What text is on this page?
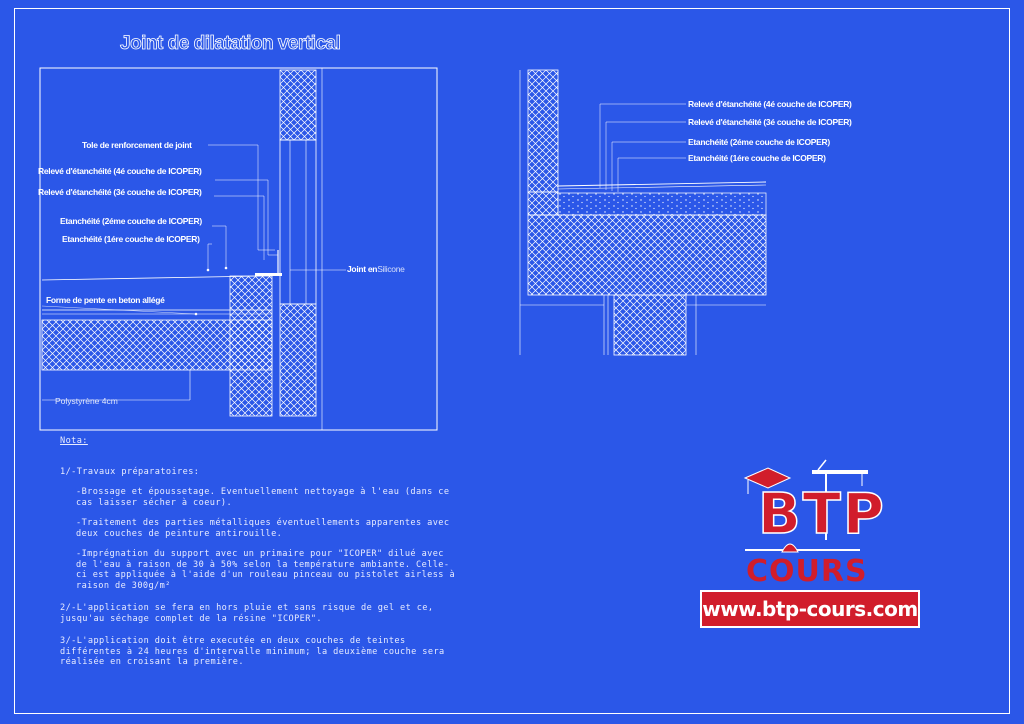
Joint de dilatation vertical
Tole de renforcement de joint
Relevé d'étanchéité (4é couche de ICOPER)
Relevé d'étanchéité (3é couche de ICOPER)
Etanchéité (2éme couche de ICOPER)
Etanchéité (1ére couche de ICOPER)
Joint enSilicone
Forme de pente en beton allégé
Polystyrène 4cm
Relevé d'étanchéité (4é couche de ICOPER)
Relevé d'étanchéité (3é couche de ICOPER)
Etanchéité (2éme couche de ICOPER)
Etanchéité (1ére couche de ICOPER)

Nota:

1/-Travaux préparatoires:

-Brossage et époussetage. Eventuellement nettoyage à l'eau (dans ce cas laisser sécher à coeur).

-Traitement des parties métalliques éventuellements apparentes avec deux couches de peinture antirouille.

-Imprégnation du support avec un primaire pour "ICOPER" dilué avec de l'eau à raison de 30 à 50% selon la température ambiante. Celle-ci est appliquée à l'aide d'un rouleau pinceau ou pistolet airless à raison de 300g/m²

2/-L'application se fera en hors pluie et sans risque de gel et ce, jusqu'au séchage complet de la résine "ICOPER".

3/-L'application doit être executée en deux couches de teintes différentes à 24 heures d'intervalle minimum; la deuxième couche sera réalisée en croisant la première.

BTP
COURS
www.btp-cours.com
